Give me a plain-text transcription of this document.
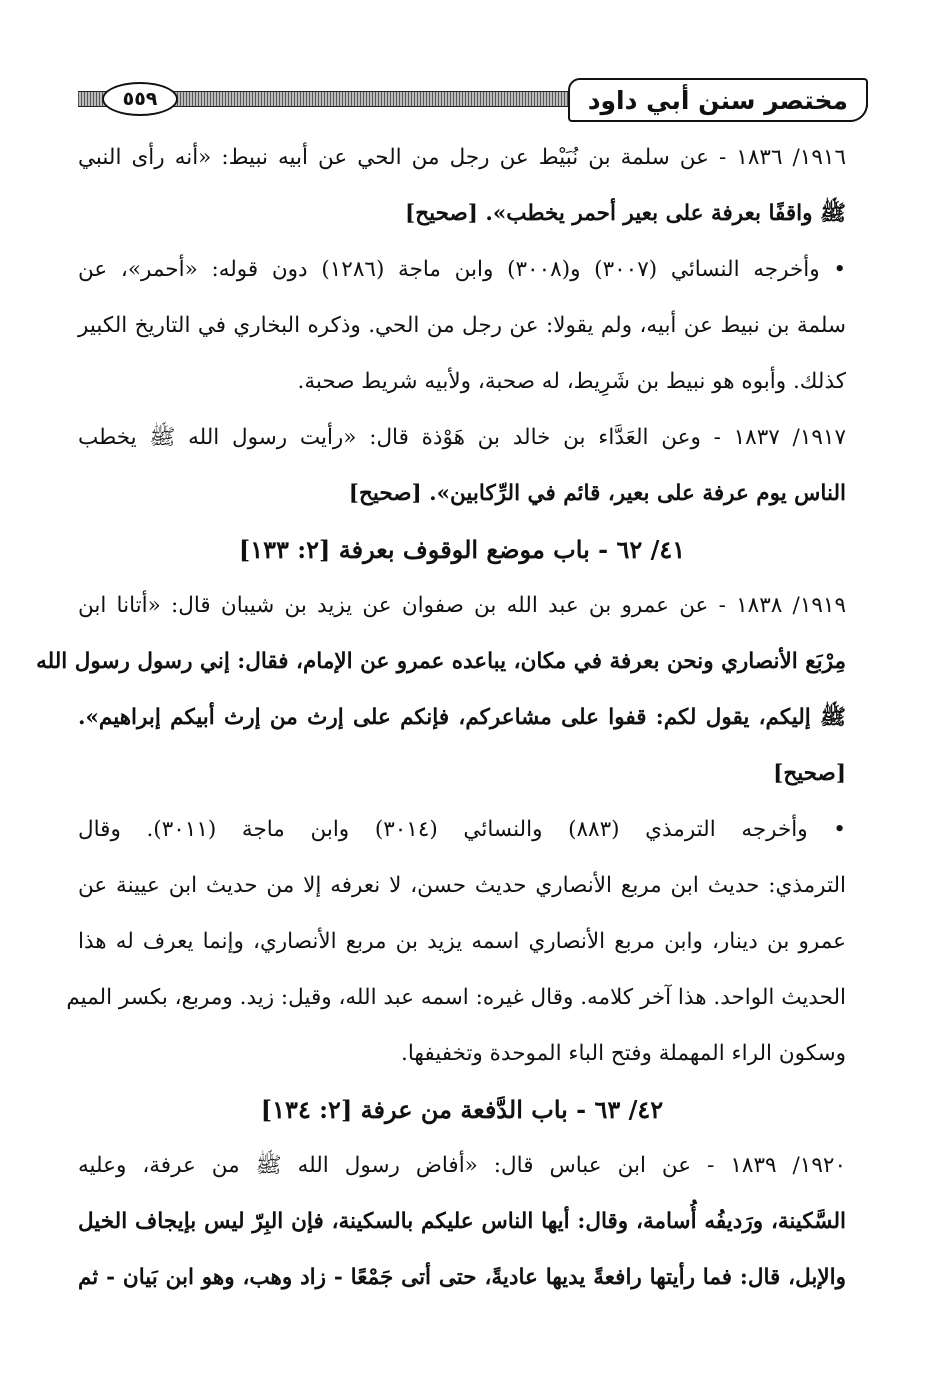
مختصر سنن أبي داود
٥٥٩
١٩١٦/ ١٨٣٦ - عن سلمة بن نُبَيْط عن رجل من الحي عن أبيه نبيط: «أنه رأى النبي
ﷺ واقفًا بعرفة على بعير أحمر يخطب». [صحيح]
• وأخرجه النسائي (٣٠٠٧) و(٣٠٠٨) وابن ماجة (١٢٨٦) دون قوله: «أحمر»، عن
سلمة بن نبيط عن أبيه، ولم يقولا: عن رجل من الحي. وذكره البخاري في التاريخ الكبير
كذلك. وأبوه هو نبيط بن شَرِيط، له صحبة، ولأبيه شريط صحبة.
١٩١٧/ ١٨٣٧ - وعن العَدَّاء بن خالد بن هَوْذة قال: «رأيت رسول الله ﷺ يخطب
الناس يوم عرفة على بعير، قائم في الرِّكابين». [صحيح]
٤١/ ٦٢ - باب موضع الوقوف بعرفة [٢: ١٣٣]
١٩١٩/ ١٨٣٨ - عن عمرو بن عبد الله بن صفوان عن يزيد بن شيبان قال: «أتانا ابن
مِرْبَع الأنصاري ونحن بعرفة في مكان، يباعده عمرو عن الإمام، فقال: إني رسول رسول الله
ﷺ إليكم، يقول لكم: قفوا على مشاعركم، فإنكم على إرث من إرث أبيكم إبراهيم».
[صحيح]
• وأخرجه الترمذي (٨٨٣) والنسائي (٣٠١٤) وابن ماجة (٣٠١١). وقال
الترمذي: حديث ابن مربع الأنصاري حديث حسن، لا نعرفه إلا من حديث ابن عيينة عن
عمرو بن دينار، وابن مربع الأنصاري اسمه يزيد بن مربع الأنصاري، وإنما يعرف له هذا
الحديث الواحد. هذا آخر كلامه. وقال غيره: اسمه عبد الله، وقيل: زيد. ومربع، بكسر الميم
وسكون الراء المهملة وفتح الباء الموحدة وتخفيفها.
٤٢/ ٦٣ - باب الدَّفعة من عرفة [٢: ١٣٤]
١٩٢٠/ ١٨٣٩ - عن ابن عباس قال: «أفاض رسول الله ﷺ من عرفة، وعليه
السَّكينة، ورَديفُه أُسامة، وقال: أيها الناس عليكم بالسكينة، فإن البِرّ ليس بإيجاف الخيل
والإبل، قال: فما رأيتها رافعةً يديها عاديةً، حتى أتى جَمْعًا - زاد وهب، وهو ابن بَيان - ثم
